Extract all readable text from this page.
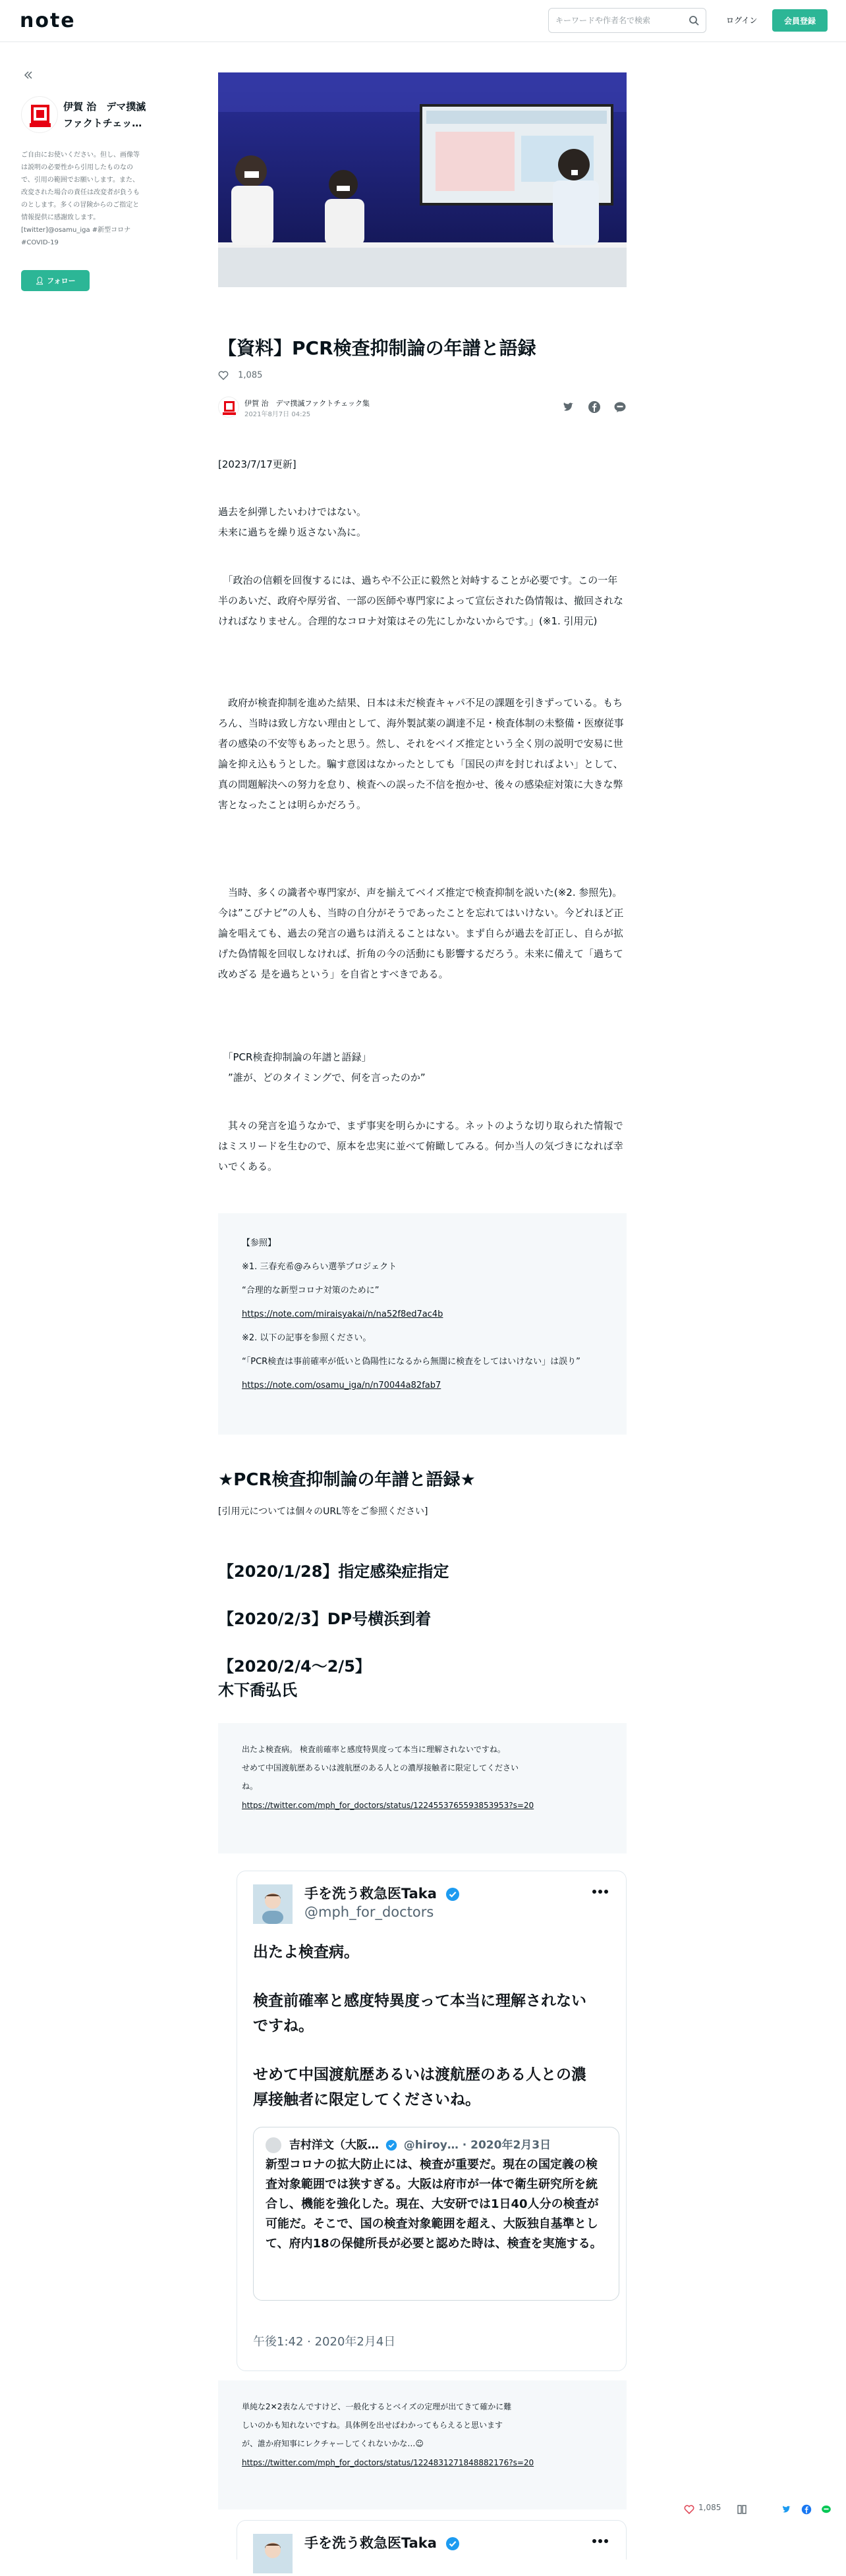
note
キーワードや作者名で検索	ログイン	会員登録
伊賀 治　デマ撲滅ファクトチェッ…
ご自由にお使いください。但し、画像等は説明の必要性から引用したものなので、引用の範囲でお願いします。また、改変された場合の責任は改変者が負うものとします。多くの冒険からのご指定と情報提供に感謝致します。 [twitter]@osamu_iga #新型コロナ #COVID-19
👤︎ フォロー
【資料】PCR検査抑制論の年譜と語録
1,085
伊賀 治　デマ撲滅ファクトチェック集
2021年8月7日 04:25

[2023/7/17更新]
過去を糾弾したいわけではない。
未来に過ちを繰り返さない為に。
　「政治の信頼を回復するには、過ちや不公正に毅然と対峙することが必要です。この一年半のあいだ、政府や厚労省、一部の医師や専門家によって宣伝された偽情報は、撤回されなければなりません。合理的なコロナ対策はその先にしかないからです。」(※1. 引用元)
　政府が検査抑制を進めた結果、日本は未だ検査キャパ不足の課題を引きずっている。もちろん、当時は致し方ない理由として、海外製試薬の調達不足・検査体制の未整備・医療従事者の感染の不安等もあったと思う。然し、それをベイズ推定という全く別の説明で安易に世論を抑え込もうとした。騙す意図はなかったとしても「国民の声を封じればよい」として、真の問題解決への努力を怠り、検査への誤った不信を抱かせ、後々の感染症対策に大きな弊害となったことは明らかだろう。
　当時、多くの識者や専門家が、声を揃えてベイズ推定で検査抑制を説いた(※2. 参照先)。今は”こびナビ”の人も、当時の自分がそうであったことを忘れてはいけない。今どれほど正論を唱えても、過去の発言の過ちは消えることはない。まず自らが過去を訂正し、自らが拡げた偽情報を回収しなければ、折角の今の活動にも影響するだろう。未来に備えて「過ちて改めざる 是を過ちという」を自省とすべきである。
　「PCR検査抑制論の年譜と語録」
　”誰が、どのタイミングで、何を言ったのか”
　其々の発言を追うなかで、まず事実を明らかにする。ネットのような切り取られた情報ではミスリードを生むので、原本を忠実に並べて俯瞰してみる。何か当人の気づきになれば幸いでくある。
【参照】
※1. 三春充希@みらい選挙プロジェクト
“合理的な新型コロナ対策のために”
https://note.com/miraisyakai/n/na52f8ed7ac4b
※2. 以下の記事を参照ください。
“「PCR検査は事前確率が低いと偽陽性になるから無闇に検査をしてはいけない」は誤り”
https://note.com/osamu_iga/n/n70044a82fab7
★PCR検査抑制論の年譜と語録★
[引用元については個々のURL等をご参照ください]
【2020/1/28】指定感染症指定
【2020/2/3】DP号横浜到着
【2020/2/4〜2/5】
木下喬弘氏
出たよ検査病。 検査前確率と感度特異度って本当に理解されないですね。
せめて中国渡航歴あるいは渡航歴のある人との濃厚接触者に限定してください
ね。
https://twitter.com/mph_for_doctors/status/1224553765593853953?s=20
手を洗う救急医Taka
@mph_for_doctors
出たよ検査病。
検査前確率と感度特異度って本当に理解されない
ですね。
せめて中国渡航歴あるいは渡航歴のある人との濃
厚接触者に限定してくださいね。
吉村洋文（大阪… @hiroy… · 2020年2月3日
新型コロナの拡大防止には、検査が重要だ。現在の国定義の検査対象範囲では狭すぎる。大阪は府市が一体で衛生研究所を統合し、機能を強化した。現在、大安研では1日40人分の検査が可能だ。そこで、国の検査対象範囲を超え、大阪独自基準として、府内18の保健所長が必要と認めた時は、検査を実施する。
午後1:42 · 2020年2月4日
単純な2✕2表なんですけど、一般化するとベイズの定理が出てきて確かに難
しいのかも知れないですね。具体例を出せばわかってもらえると思います
が、誰か府知事にレクチャーしてくれないかな…☺
https://twitter.com/mph_for_doctors/status/1224831271848882176?s=20
手を洗う救急医Taka
1,085
